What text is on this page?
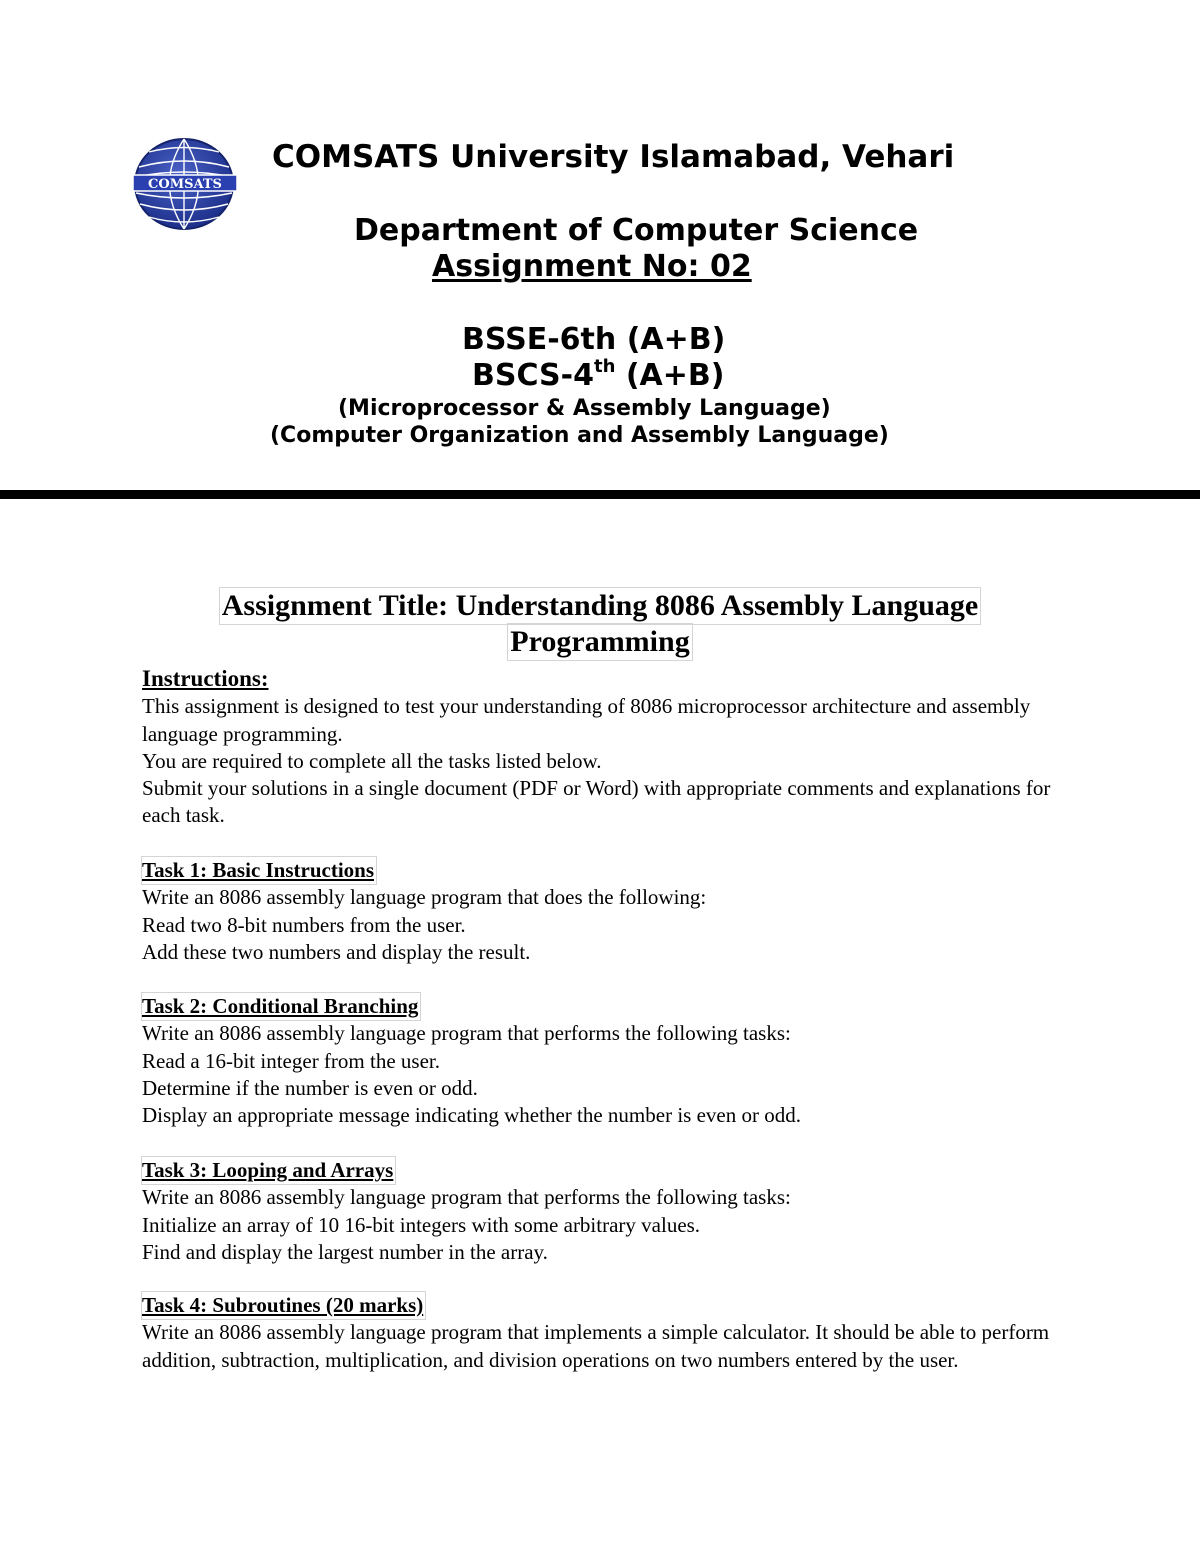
COMSATS
COMSATS University Islamabad, Vehari
Department of Computer Science
Assignment No: 02
BSSE-6th (A+B)
BSCS-4th (A+B)
(Microprocessor & Assembly Language)
(Computer Organization and Assembly Language)
Assignment Title: Understanding 8086 Assembly Language
Programming

Instructions:

This assignment is designed to test your understanding of 8086 microprocessor architecture and assembly language programming.

You are required to complete all the tasks listed below.

Submit your solutions in a single document (PDF or Word) with appropriate comments and explanations for each task.

Task 1: Basic Instructions

Write an 8086 assembly language program that does the following:

Read two 8-bit numbers from the user.

Add these two numbers and display the result.

Task 2: Conditional Branching

Write an 8086 assembly language program that performs the following tasks:

Read a 16-bit integer from the user.

Determine if the number is even or odd.

Display an appropriate message indicating whether the number is even or odd.

Task 3: Looping and Arrays

Write an 8086 assembly language program that performs the following tasks:

Initialize an array of 10 16-bit integers with some arbitrary values.

Find and display the largest number in the array.

Task 4: Subroutines (20 marks)

Write an 8086 assembly language program that implements a simple calculator. It should be able to perform addition, subtraction, multiplication, and division operations on two numbers entered by the user.
